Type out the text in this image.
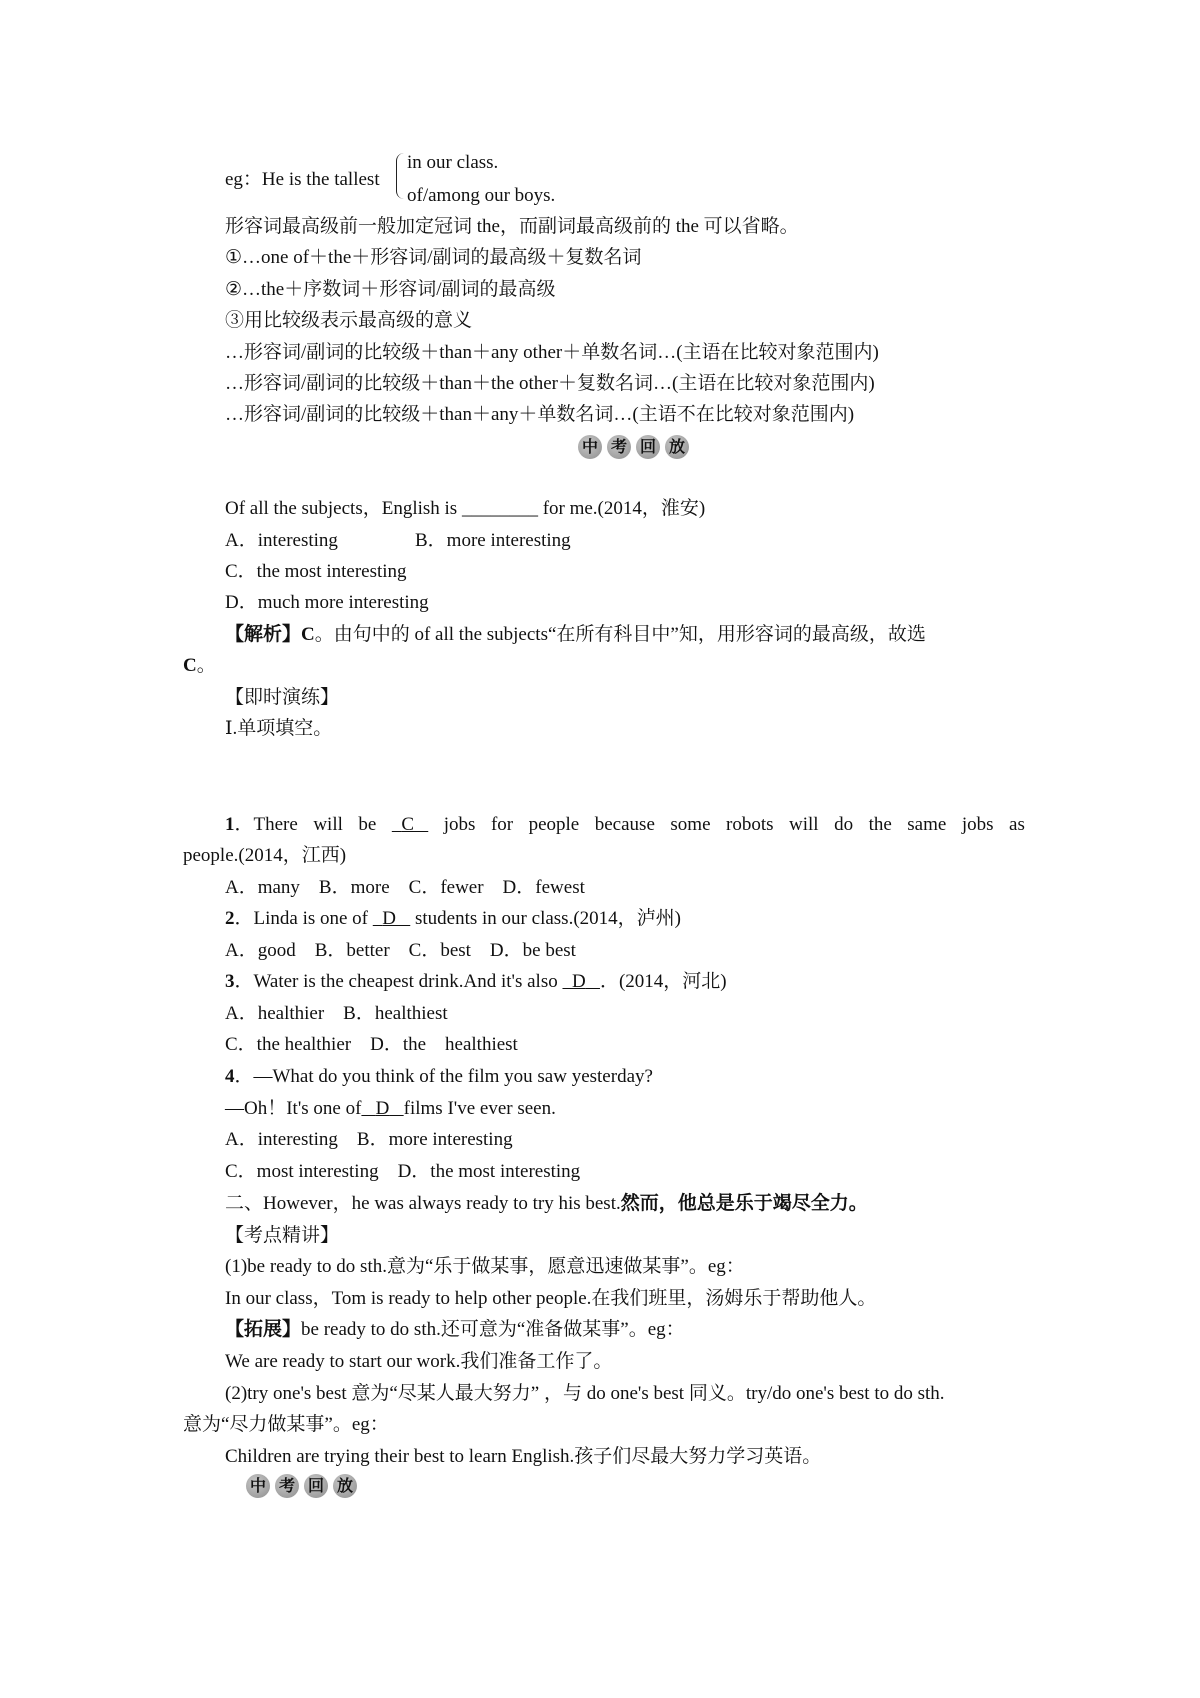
eg：He is the tallest
in our class.
of/among our boys.
形容词最高级前一般加定冠词 the，而副词最高级前的 the 可以省略。
①…one of＋the＋形容词/副词的最高级＋复数名词
②…the＋序数词＋形容词/副词的最高级
③用比较级表示最高级的意义
…形容词/副词的比较级＋than＋any other＋单数名词…(主语在比较对象范围内)
…形容词/副词的比较级＋than＋the other＋复数名词…(主语在比较对象范围内)
…形容词/副词的比较级＋than＋any＋单数名词…(主语不在比较对象范围内)
中 考 回 放
Of all the subjects，English is ________ for me.(2014，淮安)
A．interesting	B．more interesting
C．the most interesting
D．much more interesting
【解析】C。由句中的 of all the subjects“在所有科目中”知，用形容词的最高级，故选
C。
【即时演练】
Ⅰ.单项填空。
1．There will be	C	jobs for people because some robots will do the same jobs as
people.(2014，江西)
A．many　B．more　C．fewer　D．fewest
2．Linda is one of   D    students in our class.(2014，泸州)
A．good　B．better　C．best　D．be best
3．Water is the cheapest drink.And it's also   D ．(2014，河北)
A．healthier　B．healthiest
C．the healthier　D．the　healthiest
4．—What do you think of the film you saw yesterday?
—Oh！It's one of D films I've ever seen.
A．interesting　B．more interesting
C．most interesting　D．the most interesting
二、However，he was always ready to try his best.然而，他总是乐于竭尽全力。
【考点精讲】
(1)be ready to do sth.意为“乐于做某事，愿意迅速做某事”。eg：
In our class，Tom is ready to help other people.在我们班里，汤姆乐于帮助他人。
【拓展】be ready to do sth.还可意为“准备做某事”。eg：
We are ready to start our work.我们准备工作了。
(2)try one's best 意为“尽某人最大努力” ，与 do one's best 同义。try/do one's best to do sth.
意为“尽力做某事”。eg：
Children are trying their best to learn English.孩子们尽最大努力学习英语。
中 考 回 放
